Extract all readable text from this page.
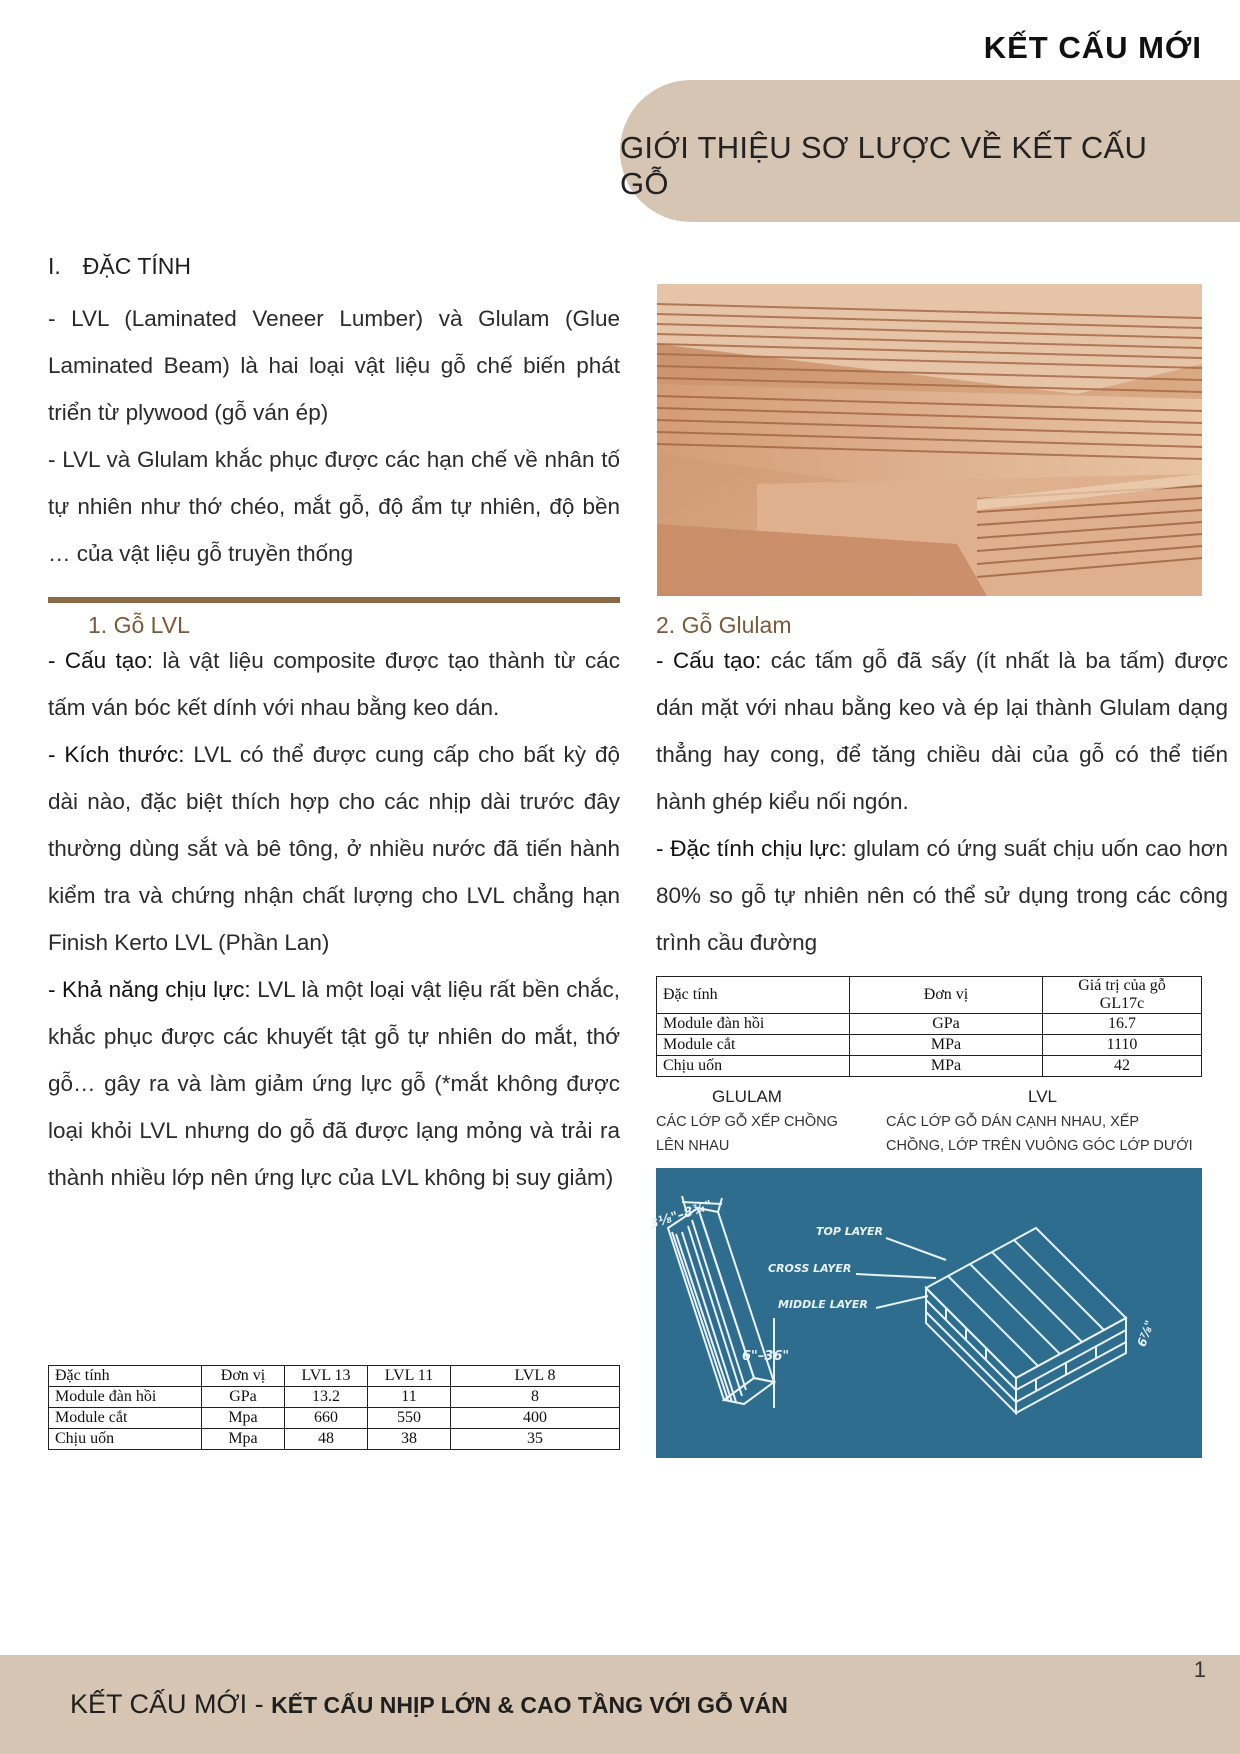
KẾT CẤU MỚI
GIỚI THIỆU SƠ LƯỢC VỀ KẾT CẤU GỖ
I. ĐẶC TÍNH

- LVL (Laminated Veneer Lumber) và Glulam (Glue Laminated Beam) là hai loại vật liệu gỗ chế biến phát triển từ plywood (gỗ ván ép)

- LVL và Glulam khắc phục được các hạn chế về nhân tố tự nhiên như thớ chéo, mắt gỗ, độ ẩm tự nhiên, độ bền … của vật liệu gỗ truyền thống

1. Gỗ LVL

- Cấu tạo: là vật liệu composite được tạo thành từ các tấm ván bóc kết dính với nhau bằng keo dán.

- Kích thước: LVL có thể được cung cấp cho bất kỳ độ dài nào, đặc biệt thích hợp cho các nhịp dài trước đây thường dùng sắt và bê tông, ở nhiều nước đã tiến hành kiểm tra và chứng nhận chất lượng cho LVL chẳng hạn Finish Kerto LVL (Phần Lan)

- Khả năng chịu lực: LVL là một loại vật liệu rất bền chắc, khắc phục được các khuyết tật gỗ tự nhiên do mắt, thớ gỗ… gây ra và làm giảm ứng lực gỗ (*mắt không được loại khỏi LVL nhưng do gỗ đã được lạng mỏng và trải ra thành nhiều lớp nên ứng lực của LVL không bị suy giảm)

Đặc tính	Đơn vị	LVL 13	LVL 11	LVL 8
Module đàn hồi	GPa	13.2	11	8
Module cắt	Mpa	660	550	400
Chịu uốn	Mpa	48	38	35
2. Gỗ Glulam

- Cấu tạo: các tấm gỗ đã sấy (ít nhất là ba tấm) được dán mặt với nhau bằng keo và ép lại thành Glulam dạng thẳng hay cong, để tăng chiều dài của gỗ có thể tiến hành ghép kiểu nối ngón.

- Đặc tính chịu lực: glulam có ứng suất chịu uốn cao hơn 80% so gỗ tự nhiên nên có thể sử dụng trong các công trình cầu đường

Đặc tính	Đơn vị	Giá trị của gỗ
GL17c
Module đàn hồi	GPa	16.7
Module cắt	MPa	1110
Chịu uốn	MPa	42
GLULAM
CÁC LỚP GỖ XẾP CHỒNG
LÊN NHAU
LVL
CÁC LỚP GỖ DÁN CẠNH NHAU, XẾP
CHỒNG, LỚP TRÊN VUÔNG GÓC LỚP DƯỚI
3⅛"–8¾"
6"–36"
TOP LAYER
CROSS LAYER
MIDDLE LAYER
6⅞"
1
KẾT CẤU MỚI - KẾT CẤU NHỊP LỚN & CAO TẦNG VỚI GỖ VÁN
